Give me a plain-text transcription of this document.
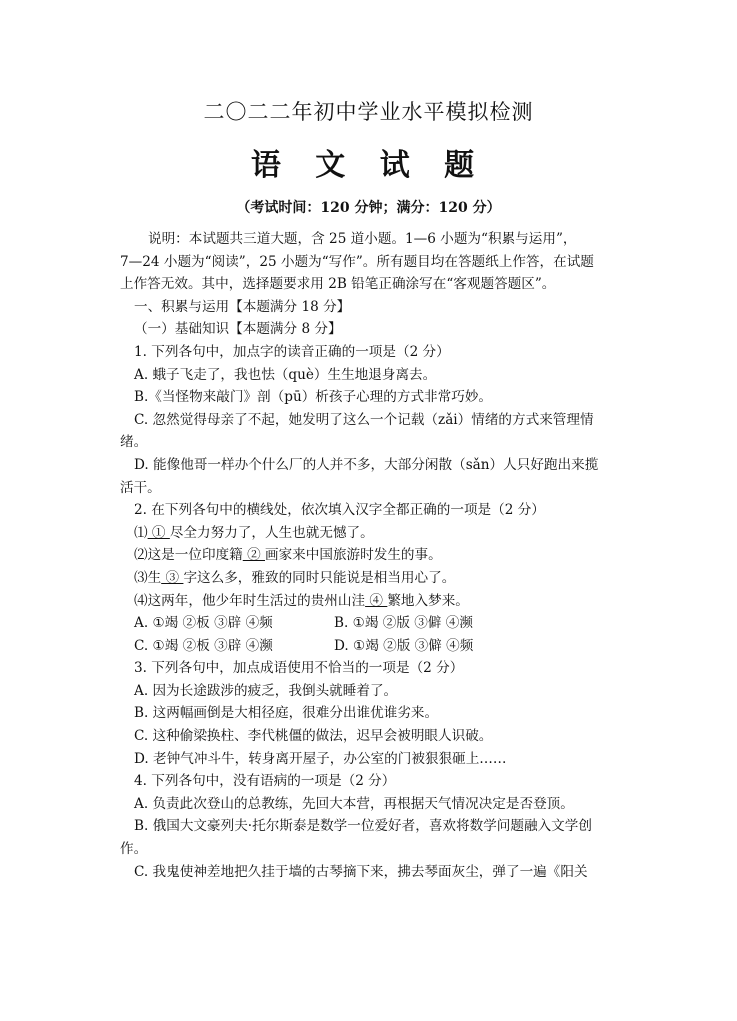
二〇二二年初中学业水平模拟检测
语 文 试 题
（考试时间：120 分钟；满分：120 分）
说明：本试题共三道大题，含 25 道小题。1—6 小题为“积累与运用”，
7—24 小题为“阅读”，25 小题为“写作”。所有题目均在答题纸上作答，在试题
上作答无效。其中，选择题要求用 2B 铅笔正确涂写在“客观题答题区”。
一、积累与运用【本题满分 18 分】
（一）基础知识【本题满分 8 分】
1. 下列各句中，加点字的读音正确的一项是（2 分）
A. 蛾子飞走了，我也怯（què）生生地退身离去。
B.《当怪物来敲门》剖（pū）析孩子心理的方式非常巧妙。
C. 忽然觉得母亲了不起，她发明了这么一个记载（zǎi）情绪的方式来管理情
绪。
D. 能像他哥一样办个什么厂的人并不多，大部分闲散（sǎn）人只好跑出来揽
活干。
2. 在下列各句中的横线处，依次填入汉字全都正确的一项是（2 分）
⑴ ① 尽全力努力了，人生也就无憾了。
⑵这是一位印度籍 ② 画家来中国旅游时发生的事。
⑶生 ③ 字这么多，雅致的同时只能说是相当用心了。
⑷这两年，他少年时生活过的贵州山洼 ④ 繁地入梦来。
A. ①竭 ②板 ③辟 ④频	B. ①竭 ②版 ③僻 ④濒
C. ①竭 ②板 ③辟 ④濒	D. ①竭 ②版 ③僻 ④频
3. 下列各句中，加点成语使用不恰当的一项是（2 分）
A. 因为长途跋涉的疲乏，我倒头就睡着了。
B. 这两幅画倒是大相径庭，很难分出谁优谁劣来。
C. 这种偷梁换柱、李代桃僵的做法，迟早会被明眼人识破。
D. 老钟气冲斗牛，转身离开屋子，办公室的门被狠狠砸上……
4. 下列各句中，没有语病的一项是（2 分）
A. 负责此次登山的总教练，先回大本营，再根据天气情况决定是否登顶。
B. 俄国大文豪列夫·托尔斯泰是数学一位爱好者，喜欢将数学问题融入文学创
作。
C. 我鬼使神差地把久挂于墙的古琴摘下来，拂去琴面灰尘，弹了一遍《阳关
